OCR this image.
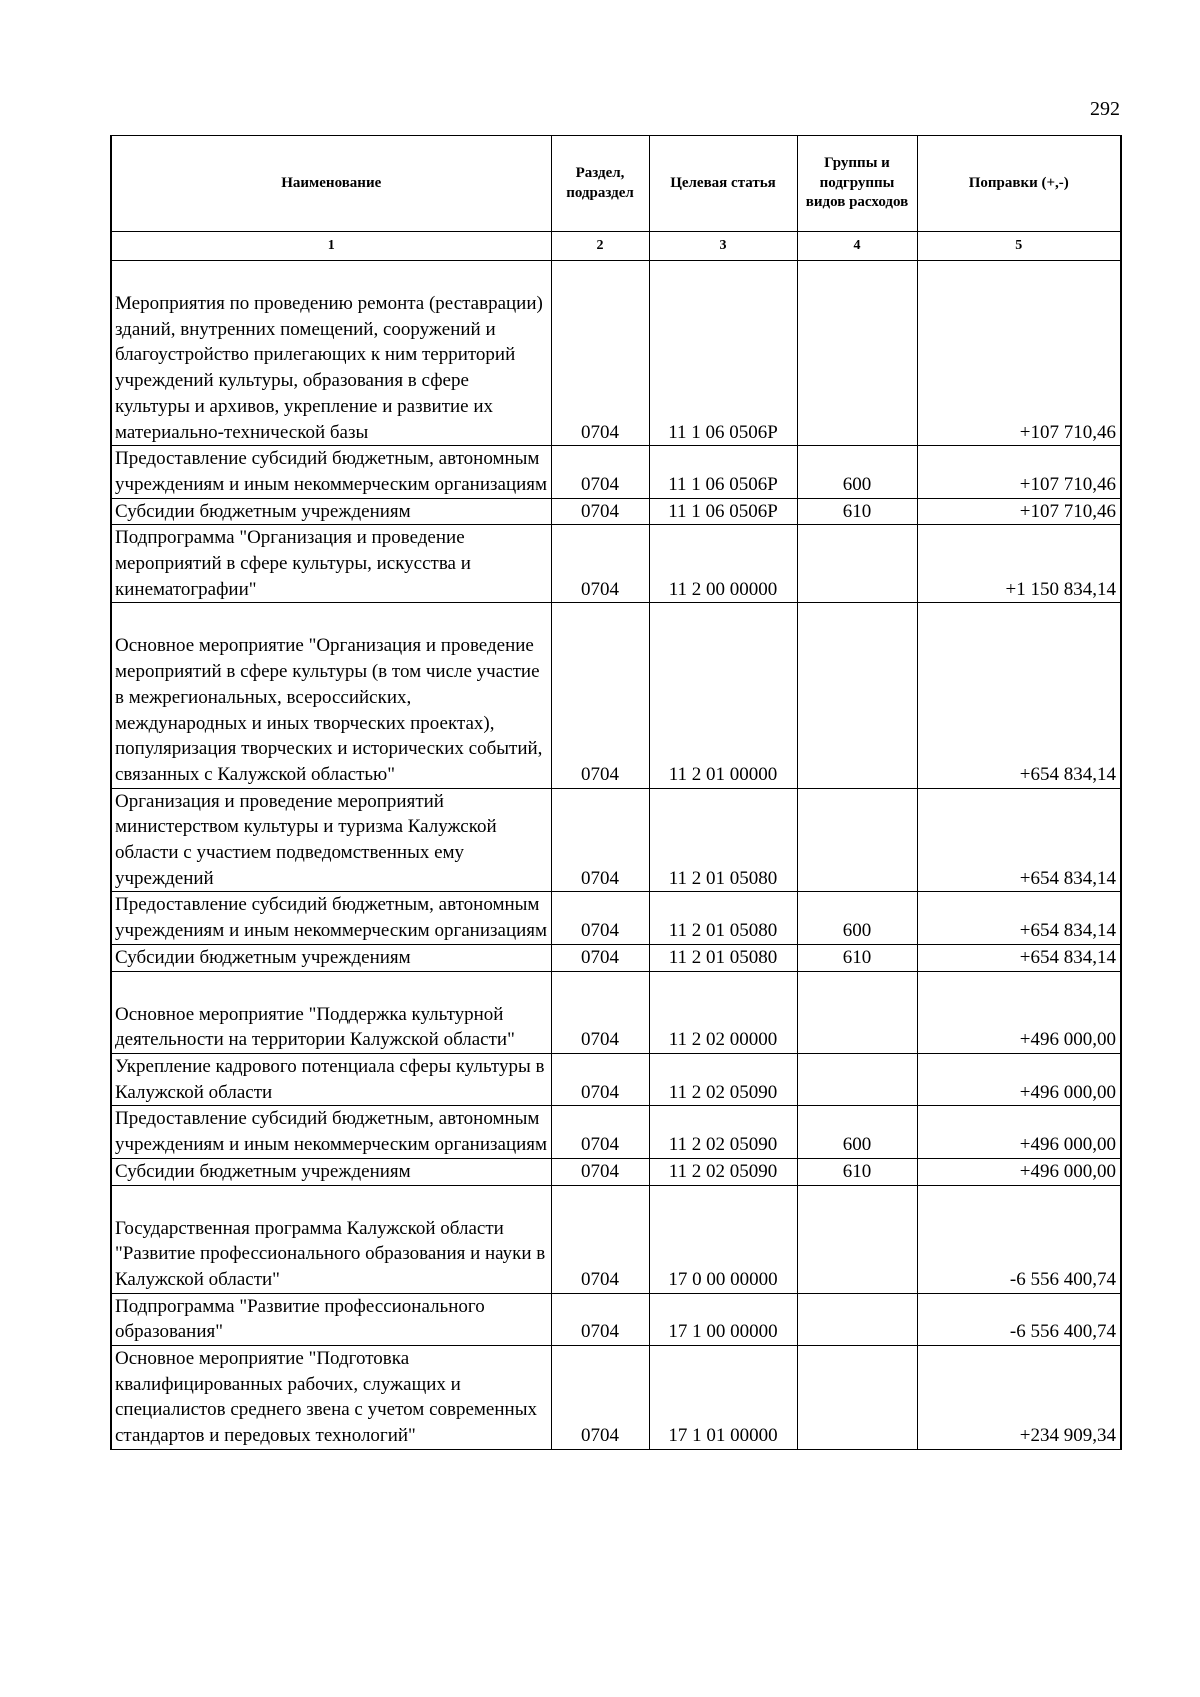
292
Наименование	Раздел, подраздел	Целевая статья	Группы и подгруппы видов расходов	Поправки (+,-)
1	2	3	4	5
Мероприятия по проведению ремонта (реставрации) зданий, внутренних помещений, сооружений и благоустройство прилегающих к ним территорий учреждений культуры, образования в сфере культуры и архивов, укрепление и развитие их материально-технической базы	0704	11 1 06 0506Р		+107 710,46
Предоставление субсидий бюджетным, автономным учреждениям и иным некоммерческим организациям	0704	11 1 06 0506Р	600	+107 710,46
Субсидии бюджетным учреждениям	0704	11 1 06 0506Р	610	+107 710,46
Подпрограмма "Организация и проведение мероприятий в сфере культуры, искусства и кинематографии"	0704	11 2 00 00000		+1 150 834,14
Основное мероприятие "Организация и проведение мероприятий в сфере культуры (в том числе участие в межрегиональных, всероссийских, международных и иных творческих проектах), популяризация творческих и исторических событий, связанных с Калужской областью"	0704	11 2 01 00000		+654 834,14
Организация и проведение мероприятий министерством культуры и туризма Калужской области с участием подведомственных ему учреждений	0704	11 2 01 05080		+654 834,14
Предоставление субсидий бюджетным, автономным учреждениям и иным некоммерческим организациям	0704	11 2 01 05080	600	+654 834,14
Субсидии бюджетным учреждениям	0704	11 2 01 05080	610	+654 834,14
Основное мероприятие "Поддержка культурной деятельности на территории Калужской области"	0704	11 2 02 00000		+496 000,00
Укрепление кадрового потенциала сферы культуры в Калужской области	0704	11 2 02 05090		+496 000,00
Предоставление субсидий бюджетным, автономным учреждениям и иным некоммерческим организациям	0704	11 2 02 05090	600	+496 000,00
Субсидии бюджетным учреждениям	0704	11 2 02 05090	610	+496 000,00
Государственная программа Калужской области "Развитие профессионального образования и науки в Калужской области"	0704	17 0 00 00000		-6 556 400,74
Подпрограмма "Развитие профессионального образования"	0704	17 1 00 00000		-6 556 400,74
Основное мероприятие "Подготовка квалифицированных рабочих, служащих и специалистов среднего звена с учетом современных стандартов и передовых технологий"	0704	17 1 01 00000		+234 909,34
